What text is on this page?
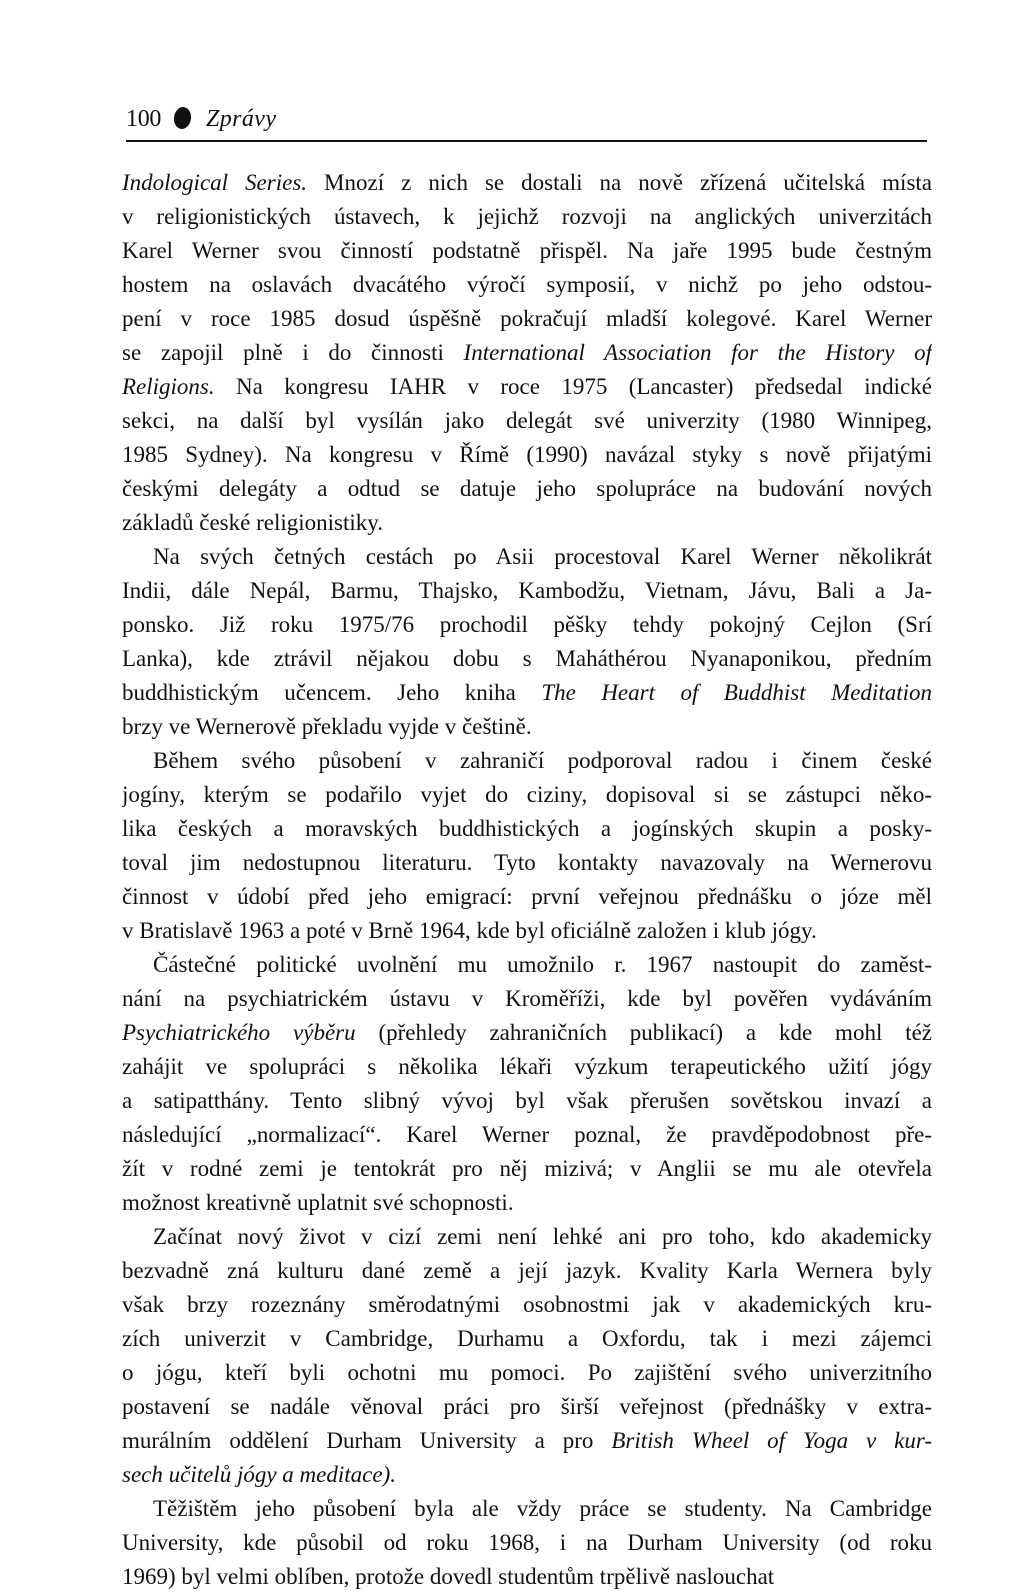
100 Zprávy
Indological Series. Mnozí z nich se dostali na nově zřízená učitelská místa
v religionistických ústavech, k jejichž rozvoji na anglických univerzitách
Karel Werner svou činností podstatně přispěl. Na jaře 1995 bude čestným
hostem na oslavách dvacátého výročí symposií, v nichž po jeho odstou-
pení v roce 1985 dosud úspěšně pokračují mladší kolegové. Karel Werner
se zapojil plně i do činnosti International Association for the History of
Religions. Na kongresu IAHR v roce 1975 (Lancaster) předsedal indické
sekci, na další byl vysílán jako delegát své univerzity (1980 Winnipeg,
1985 Sydney). Na kongresu v Římě (1990) navázal styky s nově přijatými
českými delegáty a odtud se datuje jeho spolupráce na budování nových
základů české religionistiky.
Na svých četných cestách po Asii procestoval Karel Werner několikrát
Indii, dále Nepál, Barmu, Thajsko, Kambodžu, Vietnam, Jávu, Bali a Ja-
ponsko. Již roku 1975/76 prochodil pěšky tehdy pokojný Cejlon (Srí
Lanka), kde ztrávil nějakou dobu s Maháthérou Nyanaponikou, předním
buddhistickým učencem. Jeho kniha The Heart of Buddhist Meditation
brzy ve Wernerově překladu vyjde v češtině.
Během svého působení v zahraničí podporoval radou i činem české
jogíny, kterým se podařilo vyjet do ciziny, dopisoval si se zástupci něko-
lika českých a moravských buddhistických a jogínských skupin a posky-
toval jim nedostupnou literaturu. Tyto kontakty navazovaly na Wernerovu
činnost v údobí před jeho emigrací: první veřejnou přednášku o józe měl
v Bratislavě 1963 a poté v Brně 1964, kde byl oficiálně založen i klub jógy.
Částečné politické uvolnění mu umožnilo r. 1967 nastoupit do zaměst-
nání na psychiatrickém ústavu v Kroměříži, kde byl pověřen vydáváním
Psychiatrického výběru (přehledy zahraničních publikací) a kde mohl též
zahájit ve spolupráci s několika lékaři výzkum terapeutického užití jógy
a satipatthány. Tento slibný vývoj byl však přerušen sovětskou invazí a
následující „normalizací“. Karel Werner poznal, že pravděpodobnost pře-
žít v rodné zemi je tentokrát pro něj mizivá; v Anglii se mu ale otevřela
možnost kreativně uplatnit své schopnosti.
Začínat nový život v cizí zemi není lehké ani pro toho, kdo akademicky
bezvadně zná kulturu dané země a její jazyk. Kvality Karla Wernera byly
však brzy rozeznány směrodatnými osobnostmi jak v akademických kru-
zích univerzit v Cambridge, Durhamu a Oxfordu, tak i mezi zájemci
o jógu, kteří byli ochotni mu pomoci. Po zajištění svého univerzitního
postavení se nadále věnoval práci pro širší veřejnost (přednášky v extra-
murálním oddělení Durham University a pro British Wheel of Yoga v kur-
sech učitelů jógy a meditace).
Těžištěm jeho působení byla ale vždy práce se studenty. Na Cambridge
University, kde působil od roku 1968, i na Durham University (od roku
1969) byl velmi oblíben, protože dovedl studentům trpělivě naslouchat
